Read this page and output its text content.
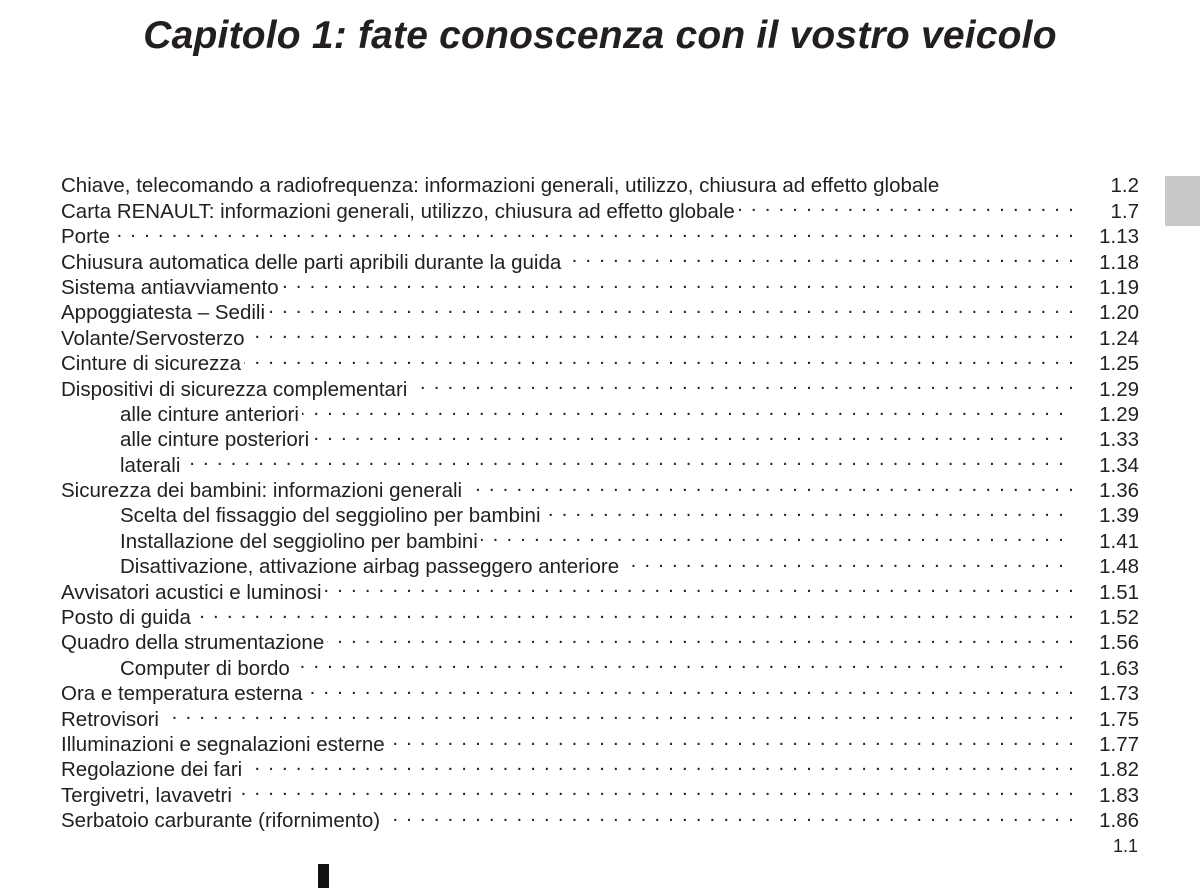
Capitolo 1: fate conoscenza con il vostro veicolo
Chiave, telecomando a radiofrequenza: informazioni generali, utilizzo, chiusura ad effetto globale	1.2
Carta RENAULT: informazioni generali, utilizzo, chiusura ad effetto globale . . .	1.7
Porte . . .	1.13
Chiusura automatica delle parti apribili durante la guida . . .	1.18
Sistema antiavviamento . . .	1.19
Appoggiatesta – Sedili . . .	1.20
Volante/Servosterzo . . .	1.24
Cinture di sicurezza . . .	1.25
Dispositivi di sicurezza complementari . . .	1.29
alle cinture anteriori . . .	1.29
alle cinture posteriori . . .	1.33
laterali . . .	1.34
Sicurezza dei bambini: informazioni generali . . .	1.36
Scelta del fissaggio del seggiolino per bambini . . .	1.39
Installazione del seggiolino per bambini . . .	1.41
Disattivazione, attivazione airbag passeggero anteriore . . .	1.48
Avvisatori acustici e luminosi . . .	1.51
Posto di guida . . .	1.52
Quadro della strumentazione . . .	1.56
Computer di bordo . . .	1.63
Ora e temperatura esterna . . .	1.73
Retrovisori . . .	1.75
Illuminazioni e segnalazioni esterne . . .	1.77
Regolazione dei fari . . .	1.82
Tergivetri, lavavetri . . .	1.83
Serbatoio carburante (rifornimento) . . .	1.86
1.1
